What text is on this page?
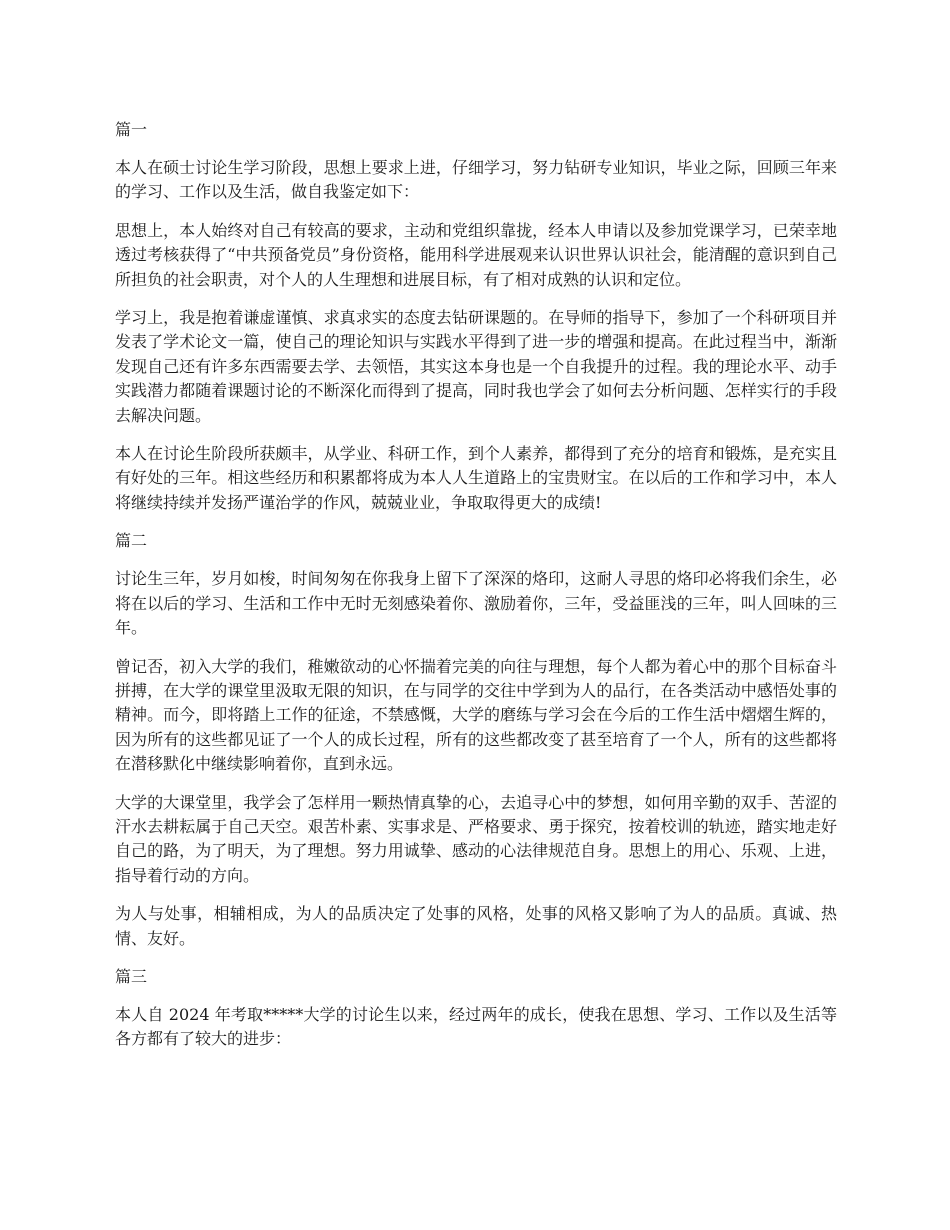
篇一

本人在硕士讨论生学习阶段，思想上要求上进，仔细学习，努力钻研专业知识，毕业之际，回顾三年来的学习、工作以及生活，做自我鉴定如下：

思想上，本人始终对自己有较高的要求，主动和党组织靠拢，经本人申请以及参加党课学习，已荣幸地透过考核获得了“中共预备党员”身份资格，能用科学进展观来认识世界认识社会，能清醒的意识到自己所担负的社会职责，对个人的人生理想和进展目标，有了相对成熟的认识和定位。

学习上，我是抱着谦虚谨慎、求真求实的态度去钻研课题的。在导师的指导下，参加了一个科研项目并发表了学术论文一篇，使自己的理论知识与实践水平得到了进一步的增强和提高。在此过程当中，渐渐发现自己还有许多东西需要去学、去领悟，其实这本身也是一个自我提升的过程。我的理论水平、动手实践潜力都随着课题讨论的不断深化而得到了提高，同时我也学会了如何去分析问题、怎样实行的手段去解决问题。

本人在讨论生阶段所获颇丰，从学业、科研工作，到个人素养，都得到了充分的培育和锻炼，是充实且有好处的三年。相这些经历和积累都将成为本人人生道路上的宝贵财宝。在以后的工作和学习中，本人将继续持续并发扬严谨治学的作风，兢兢业业，争取取得更大的成绩!

篇二

讨论生三年，岁月如梭，时间匆匆在你我身上留下了深深的烙印，这耐人寻思的烙印必将我们余生，必将在以后的学习、生活和工作中无时无刻感染着你、激励着你，三年，受益匪浅的三年，叫人回味的三年。

曾记否，初入大学的我们，稚嫩欲动的心怀揣着完美的向往与理想，每个人都为着心中的那个目标奋斗拼搏，在大学的课堂里汲取无限的知识，在与同学的交往中学到为人的品行，在各类活动中感悟处事的精神。而今，即将踏上工作的征途，不禁感慨，大学的磨练与学习会在今后的工作生活中熠熠生辉的，因为所有的这些都见证了一个人的成长过程，所有的这些都改变了甚至培育了一个人，所有的这些都将在潜移默化中继续影响着你，直到永远。

大学的大课堂里，我学会了怎样用一颗热情真挚的心，去追寻心中的梦想，如何用辛勤的双手、苦涩的汗水去耕耘属于自己天空。艰苦朴素、实事求是、严格要求、勇于探究，按着校训的轨迹，踏实地走好自己的路，为了明天，为了理想。努力用诚挚、感动的心法律规范自身。思想上的用心、乐观、上进，指导着行动的方向。

为人与处事，相辅相成，为人的品质决定了处事的风格，处事的风格又影响了为人的品质。真诚、热情、友好。

篇三

本人自 2024 年考取*****大学的讨论生以来，经过两年的成长，使我在思想、学习、工作以及生活等各方都有了较大的进步：
